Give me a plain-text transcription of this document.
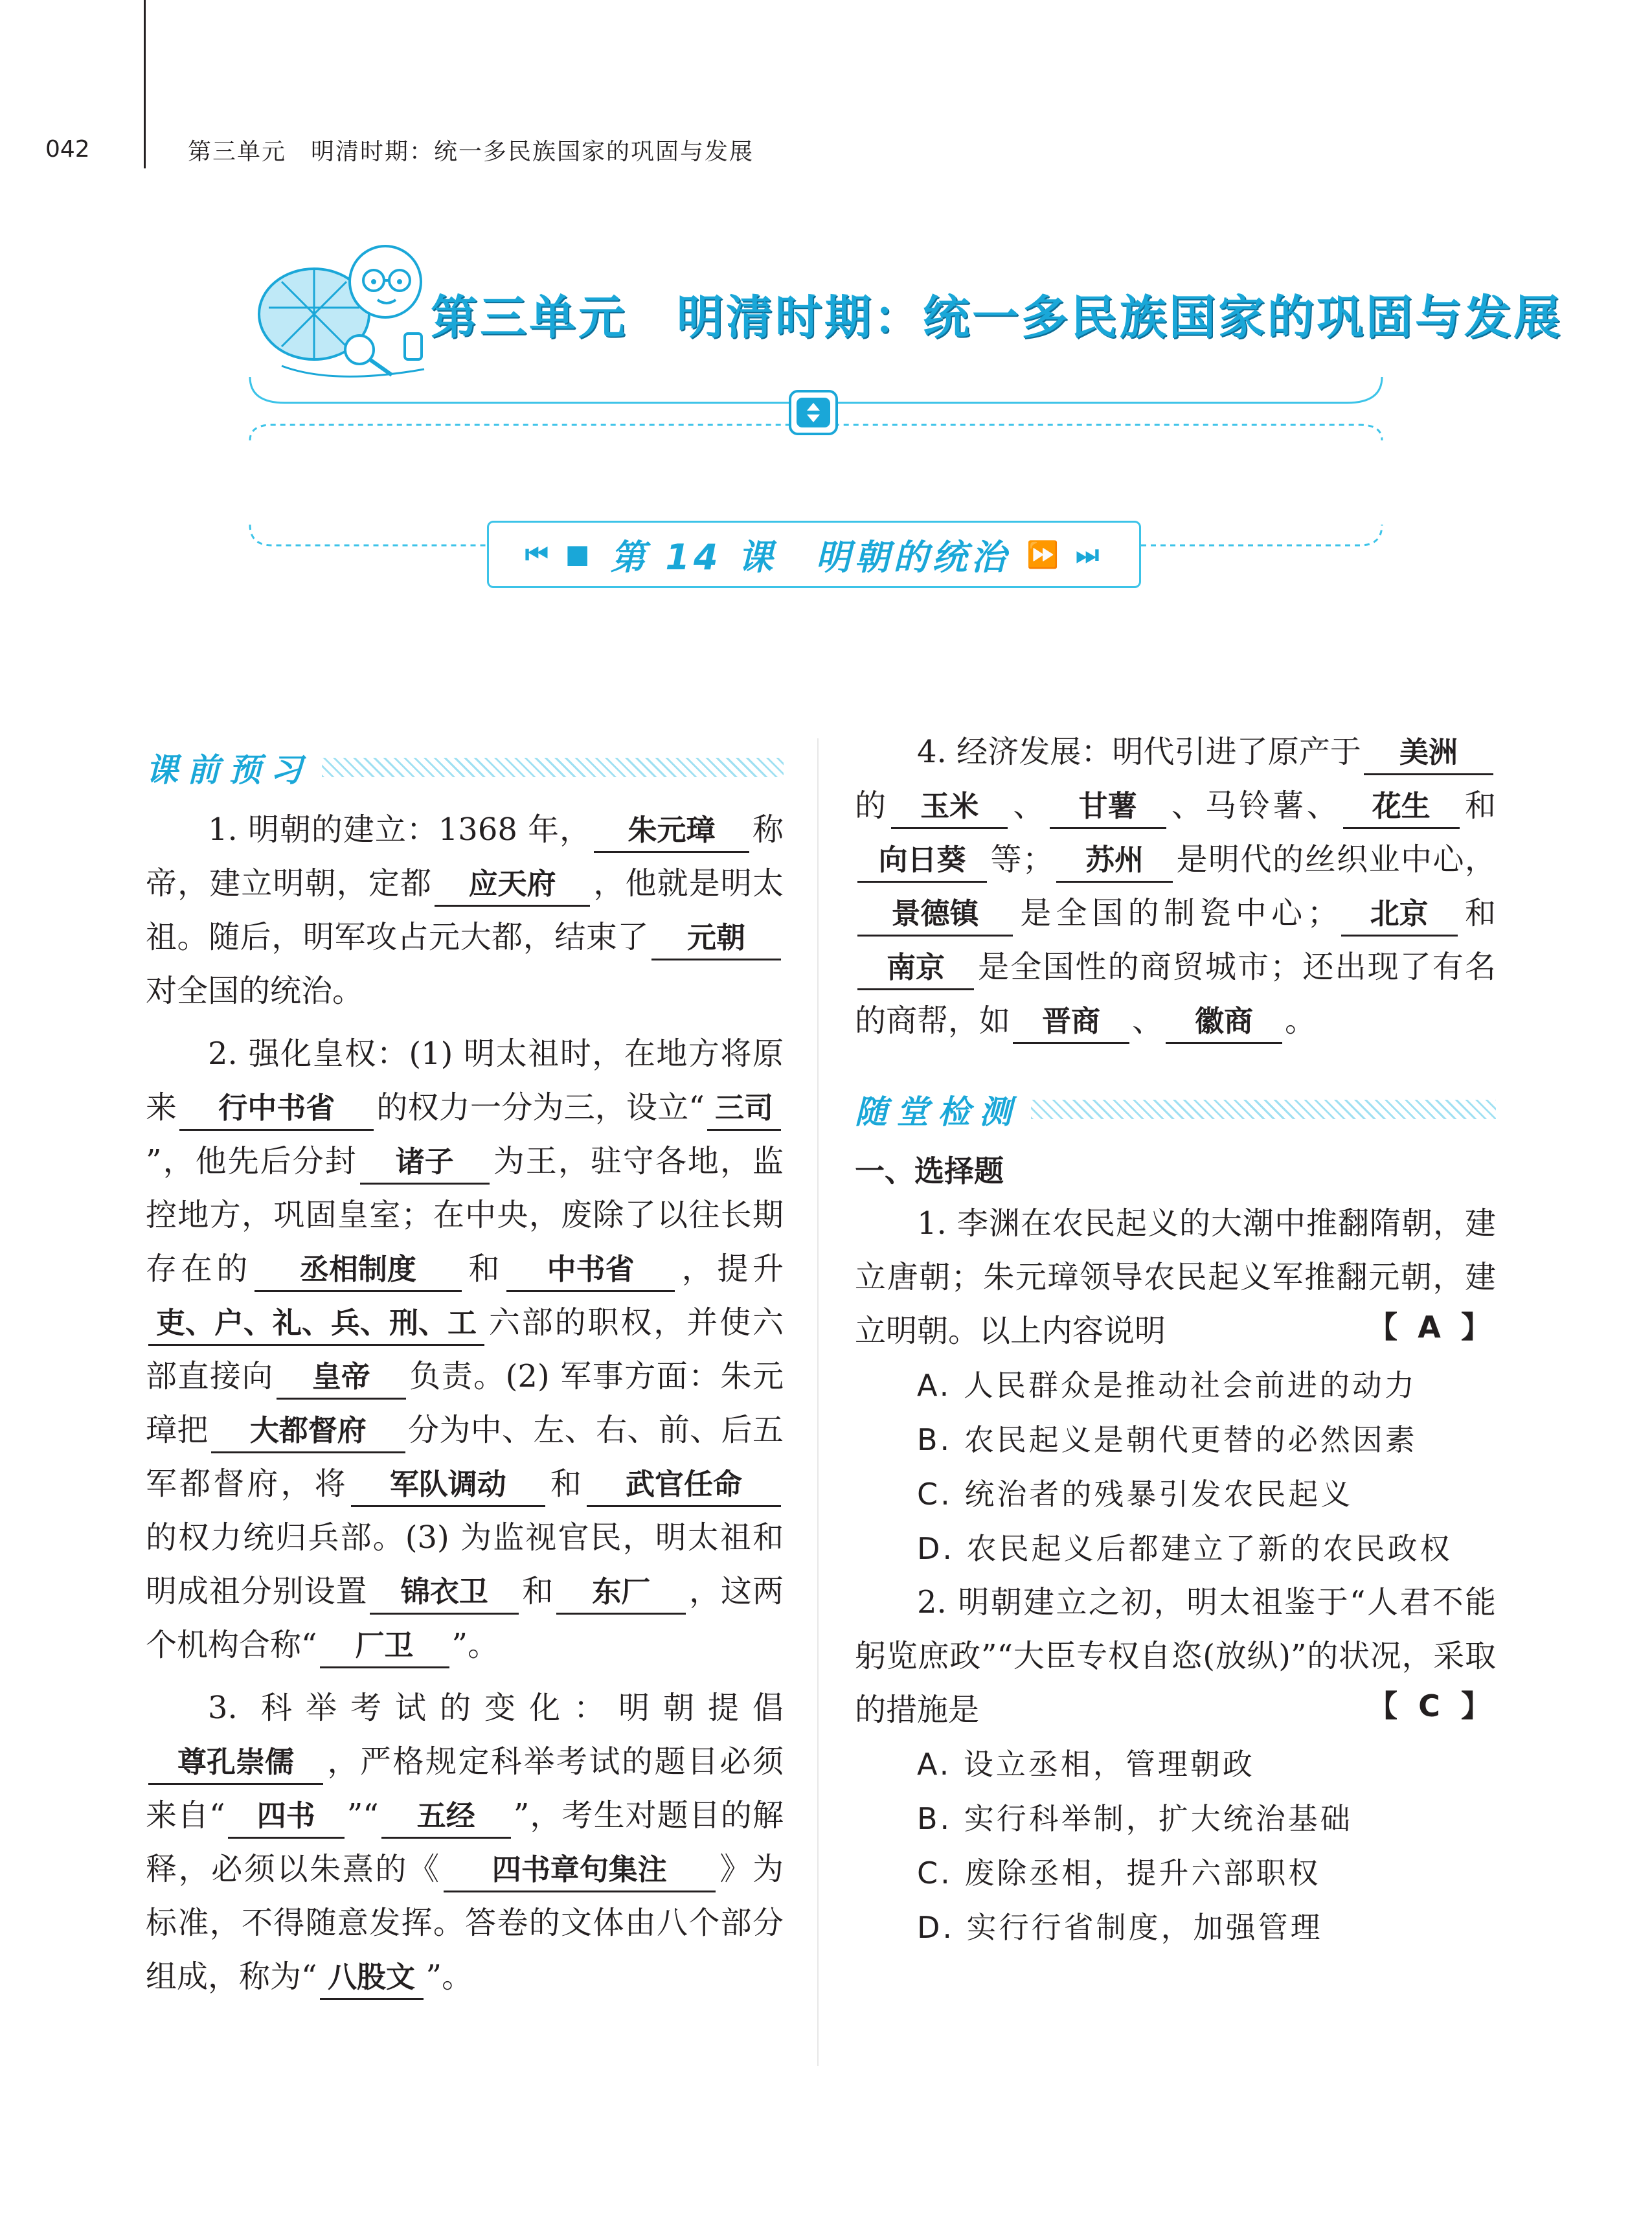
042	第三单元　明清时期：统一多民族国家的巩固与发展
第三单元　明清时期：统一多民族国家的巩固与发展
⏮ ■ 第 14 课　明朝的统治 ⏩ ⏭
课前预习

1. 明朝的建立：1368 年， 朱元璋 称帝，建立明朝，定都 应天府 ，他就是明太祖。随后，明军攻占元大都，结束了 元朝对全国的统治。

2. 强化皇权：(1) 明太祖时，在地方将原来 行中书省 的权力一分为三，设立“ 三司”，他先后分封 诸子 为王，驻守各地，监控地方，巩固皇室；在中央，废除了以往长期存在的 丞相制度 和 中书省 ，提升吏、户、礼、兵、刑、工 六部的职权，并使六部直接向 皇帝 负责。(2) 军事方面：朱元璋把 大都督府 分为中、左、右、前、后五军都督府，将 军队调动 和 武官任命的权力统归兵部。(3) 为监视官民，明太祖和明成祖分别设置 锦衣卫 和 东厂 ，这两个机构合称“ 厂卫 ”。

3. 科举考试的变化：明朝提倡尊孔崇儒 ，严格规定科举考试的题目必须来自“ 四书 ”“ 五经 ”，考生对题目的解释，必须以朱熹的《 四书章句集注 》为标准，不得随意发挥。答卷的文体由八个部分组成，称为“ 八股文 ”。

4. 经济发展：明代引进了原产于 美洲的 玉米 、 甘薯 、马铃薯、 花生 和向日葵 等； 苏州 是明代的丝织业中心，景德镇 是全国的制瓷中心； 北京 和南京 是全国性的商贸城市；还出现了有名的商帮，如 晋商 、 徽商 。

随堂检测
一、选择题
1. 李渊在农民起义的大潮中推翻隋朝，建立唐朝；朱元璋领导农民起义军推翻元朝，建立明朝。以上内容说明	【 A 】
A. 人民群众是推动社会前进的动力
B. 农民起义是朝代更替的必然因素
C. 统治者的残暴引发农民起义
D. 农民起义后都建立了新的农民政权
2. 明朝建立之初，明太祖鉴于“人君不能躬览庶政”“大臣专权自恣(放纵)”的状况，采取的措施是	【 C 】
A. 设立丞相，管理朝政
B. 实行科举制，扩大统治基础
C. 废除丞相，提升六部职权
D. 实行行省制度，加强管理
